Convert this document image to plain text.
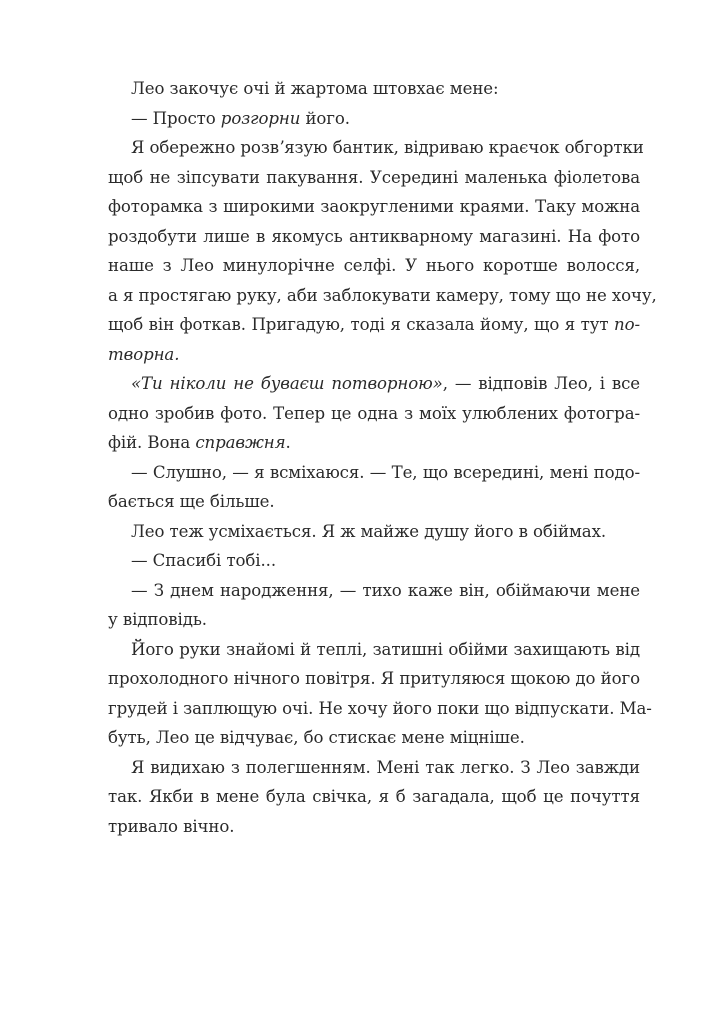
Лео закочує очі й жартома штовхає мене:
— Просто розгорни його.
Я обережно розвʼязую бантик, відриваю краєчок обгортки
щоб не зіпсувати пакування. Усередині маленька фіолетова
фоторамка з широкими заокругленими краями. Таку можна
роздобути лише в якомусь антикварному магазині. На фото
наше з Лео минулорічне селфі. У нього коротше волосся,
а я простягаю руку, аби заблокувати камеру, тому що не хочу,
щоб він фоткав. Пригадую, тоді я сказала йому, що я тут по-
творна.
«Ти ніколи не буваєш потворною», — відповів Лео, і все
одно зробив фото. Тепер це одна з моїх улюблених фотогра-
фій. Вона справжня.
— Слушно, — я всміхаюся. — Те, що всередині, мені подо-
бається ще більше.
Лео теж усміхається. Я ж майже душу його в обіймах.
— Спасибі тобі...
— З днем народження, — тихо каже він, обіймаючи мене
у відповідь.
Його руки знайомі й теплі, затишні обійми захищають від
прохолодного нічного повітря. Я притуляюся щокою до його
грудей і заплющую очі. Не хочу його поки що відпускати. Ма-
буть, Лео це відчуває, бо стискає мене міцніше.
Я видихаю з полегшенням. Мені так легко. З Лео завжди
так. Якби в мене була свічка, я б загадала, щоб це почуття
тривало вічно.
